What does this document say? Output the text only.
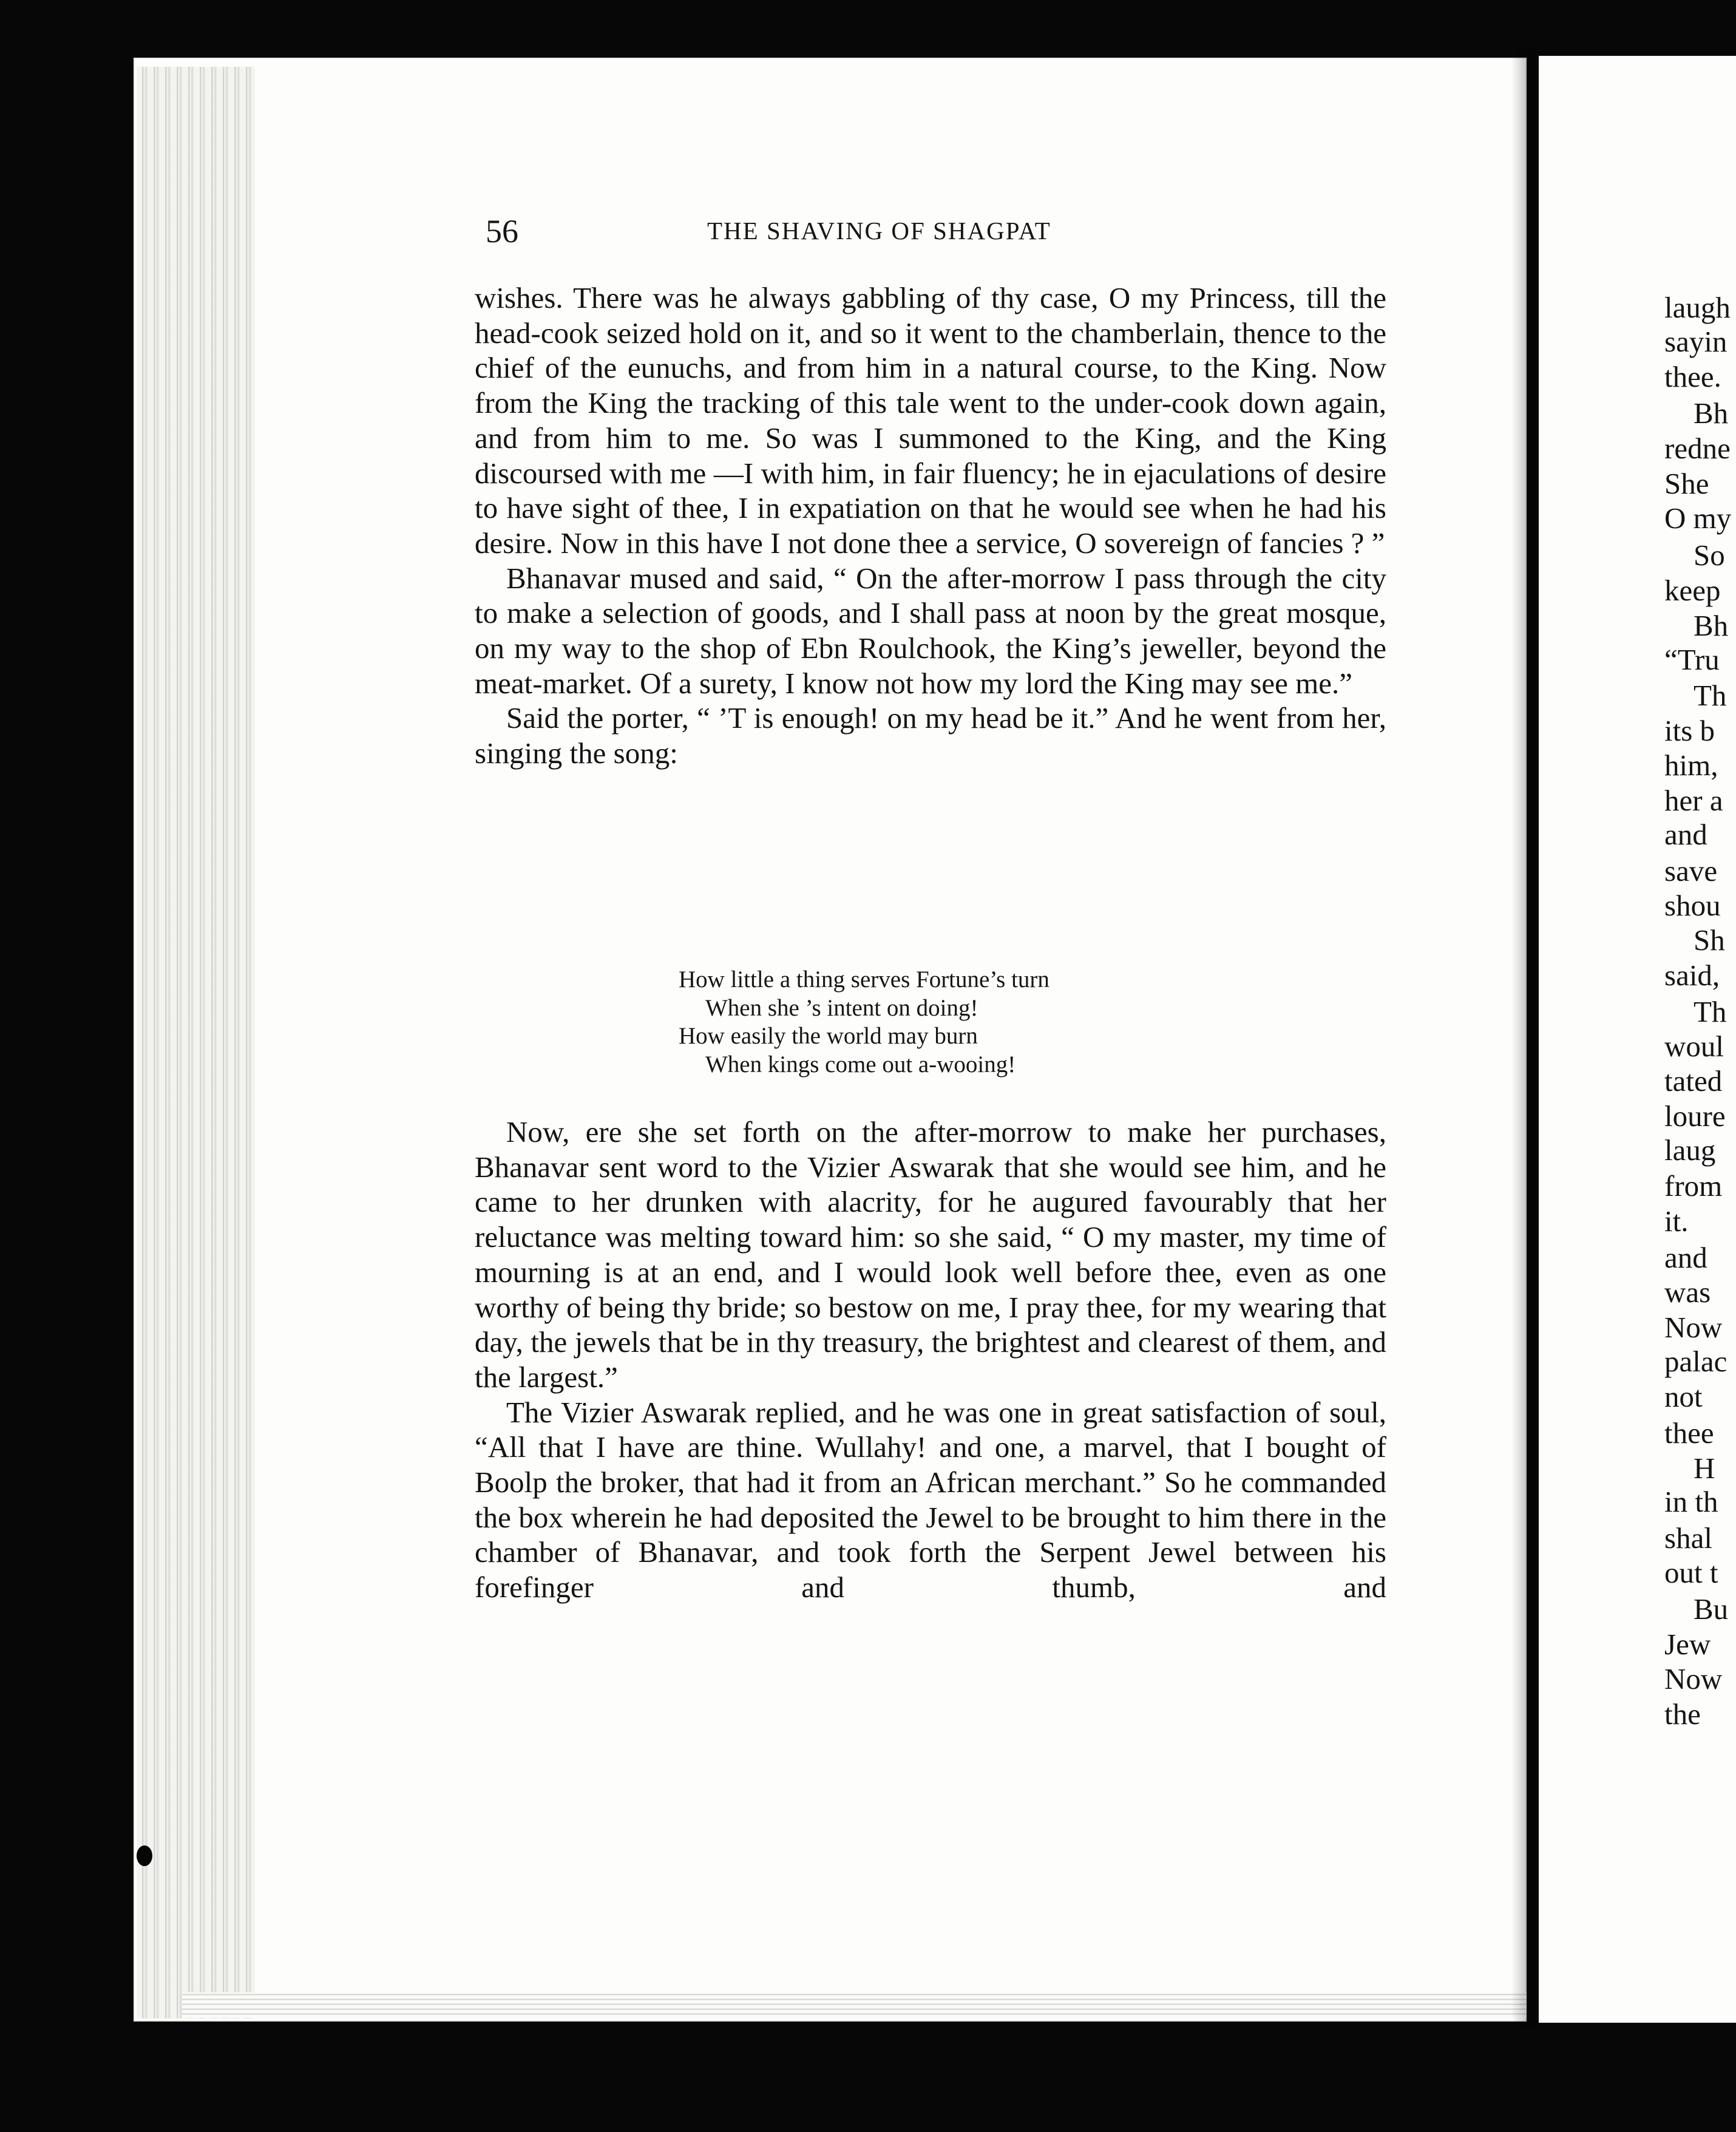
56	THE SHAVING OF SHAGPAT

wishes. There was he always gabbling of thy case, O my Princess, till the head-cook seized hold on it, and so it went to the chamberlain, thence to the chief of the eunuchs, and from him in a natural course, to the King. Now from the King the tracking of this tale went to the under-cook down again, and from him to me. So was I summoned to the King, and the King discoursed with me —I with him, in fair fluency; he in ejaculations of desire to have sight of thee, I in expatiation on that he would see when he had his desire. Now in this have I not done thee a service, O sovereign of fancies ? ”

Bhanavar mused and said, “ On the after-morrow I pass through the city to make a selection of goods, and I shall pass at noon by the great mosque, on my way to the shop of Ebn Roulchook, the King’s jeweller, beyond the meat-market. Of a surety, I know not how my lord the King may see me.”

Said the porter, “ ’T is enough! on my head be it.” And he went from her, singing the song:

How little a thing serves Fortune’s turn
When she ’s intent on doing!
How easily the world may burn
When kings come out a-wooing!

Now, ere she set forth on the after-morrow to make her purchases, Bhanavar sent word to the Vizier Aswarak that she would see him, and he came to her drunken with alacrity, for he augured favourably that her reluctance was melting toward him: so she said, “ O my master, my time of mourning is at an end, and I would look well before thee, even as one worthy of being thy bride; so bestow on me, I pray thee, for my wearing that day, the jewels that be in thy treasury, the brightest and clearest of them, and the largest.”

The Vizier Aswarak replied, and he was one in great satisfaction of soul, “All that I have are thine. Wullahy! and one, a marvel, that I bought of Boolp the broker, that had it from an African merchant.” So he commanded the box wherein he had deposited the Jewel to be brought to him there in the chamber of Bhanavar, and took forth the Serpent Jewel between his forefinger and thumb, and

laugh
sayin
thee.
Bh
redne
She
O my
So
keep
Bh
“Tru
Th
its b
him,
her a
and
save
shou
Sh
said,
Th
woul
tated
loure
laug
from
it.
and
was
Now
palac
not
thee
H
in th
shal
out t
Bu
Jew
Now
the
